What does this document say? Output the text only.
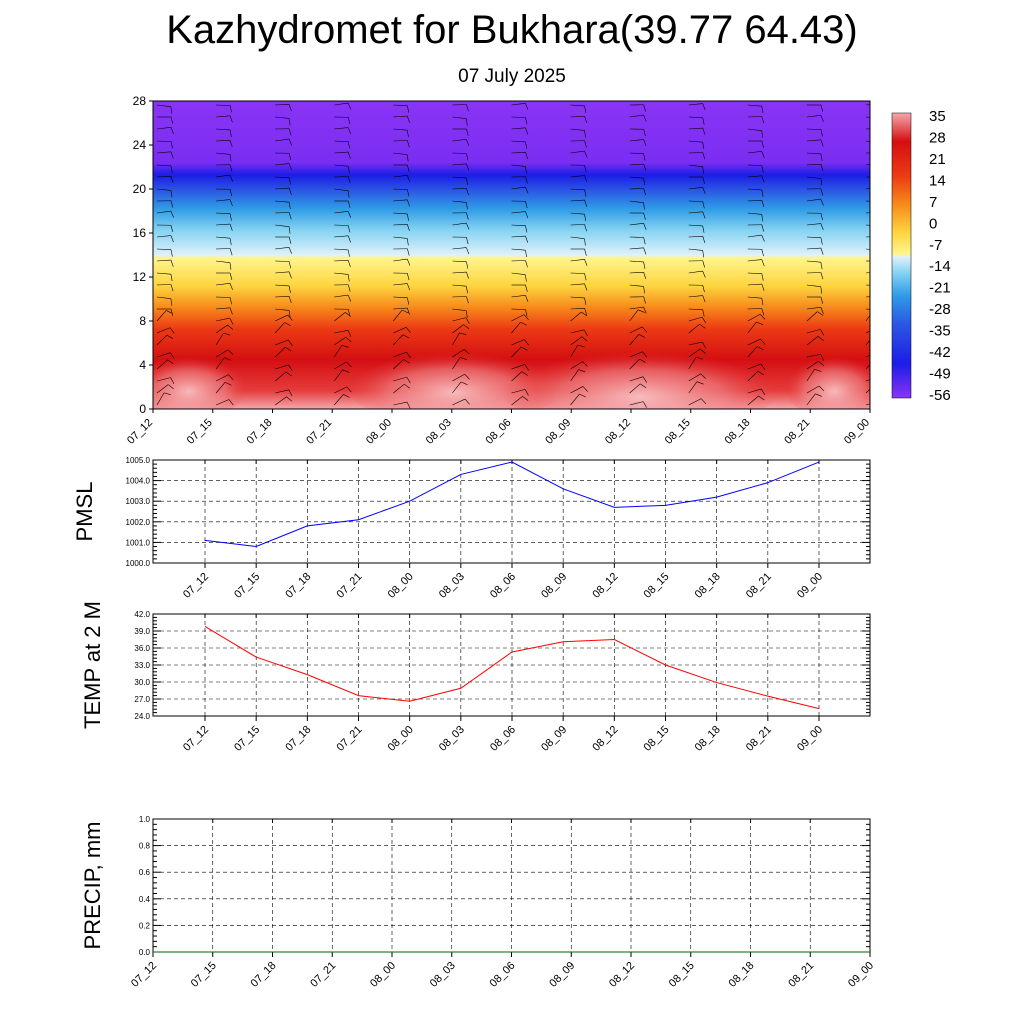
Kazhydromet for Bukhara(39.77 64.43)
07 July 2025
0
4
8
12
16
20
24
28
07_12	07_15	07_18	07_21	08_00	08_03	08_06	08_09	08_12	08_15	08_18	08_21	09_00
35
28
21
14
7
0
-7
-14
-21
-28
-35
-42
-49
-56
1000.0
1001.0
1002.0
1003.0
1004.0
1005.0
07_12 07_15 07_18 07_21 08_00 08_03 08_06 08_09 08_12 08_15 08_18 08_21 09_00
PMSL
24.0
27.0
30.0
33.0
36.0
39.0
42.0
07_12 07_15 07_18 07_21 08_00 08_03 08_06 08_09 08_12 08_15 08_18 08_21 09_00
TEMP at 2 M
0.0
0.2
0.4
0.6
0.8
1.0
07_12	07_15	07_18	07_21	08_00	08_03	08_06	08_09	08_12	08_15	08_18	08_21	09_00
PRECIP, mm
